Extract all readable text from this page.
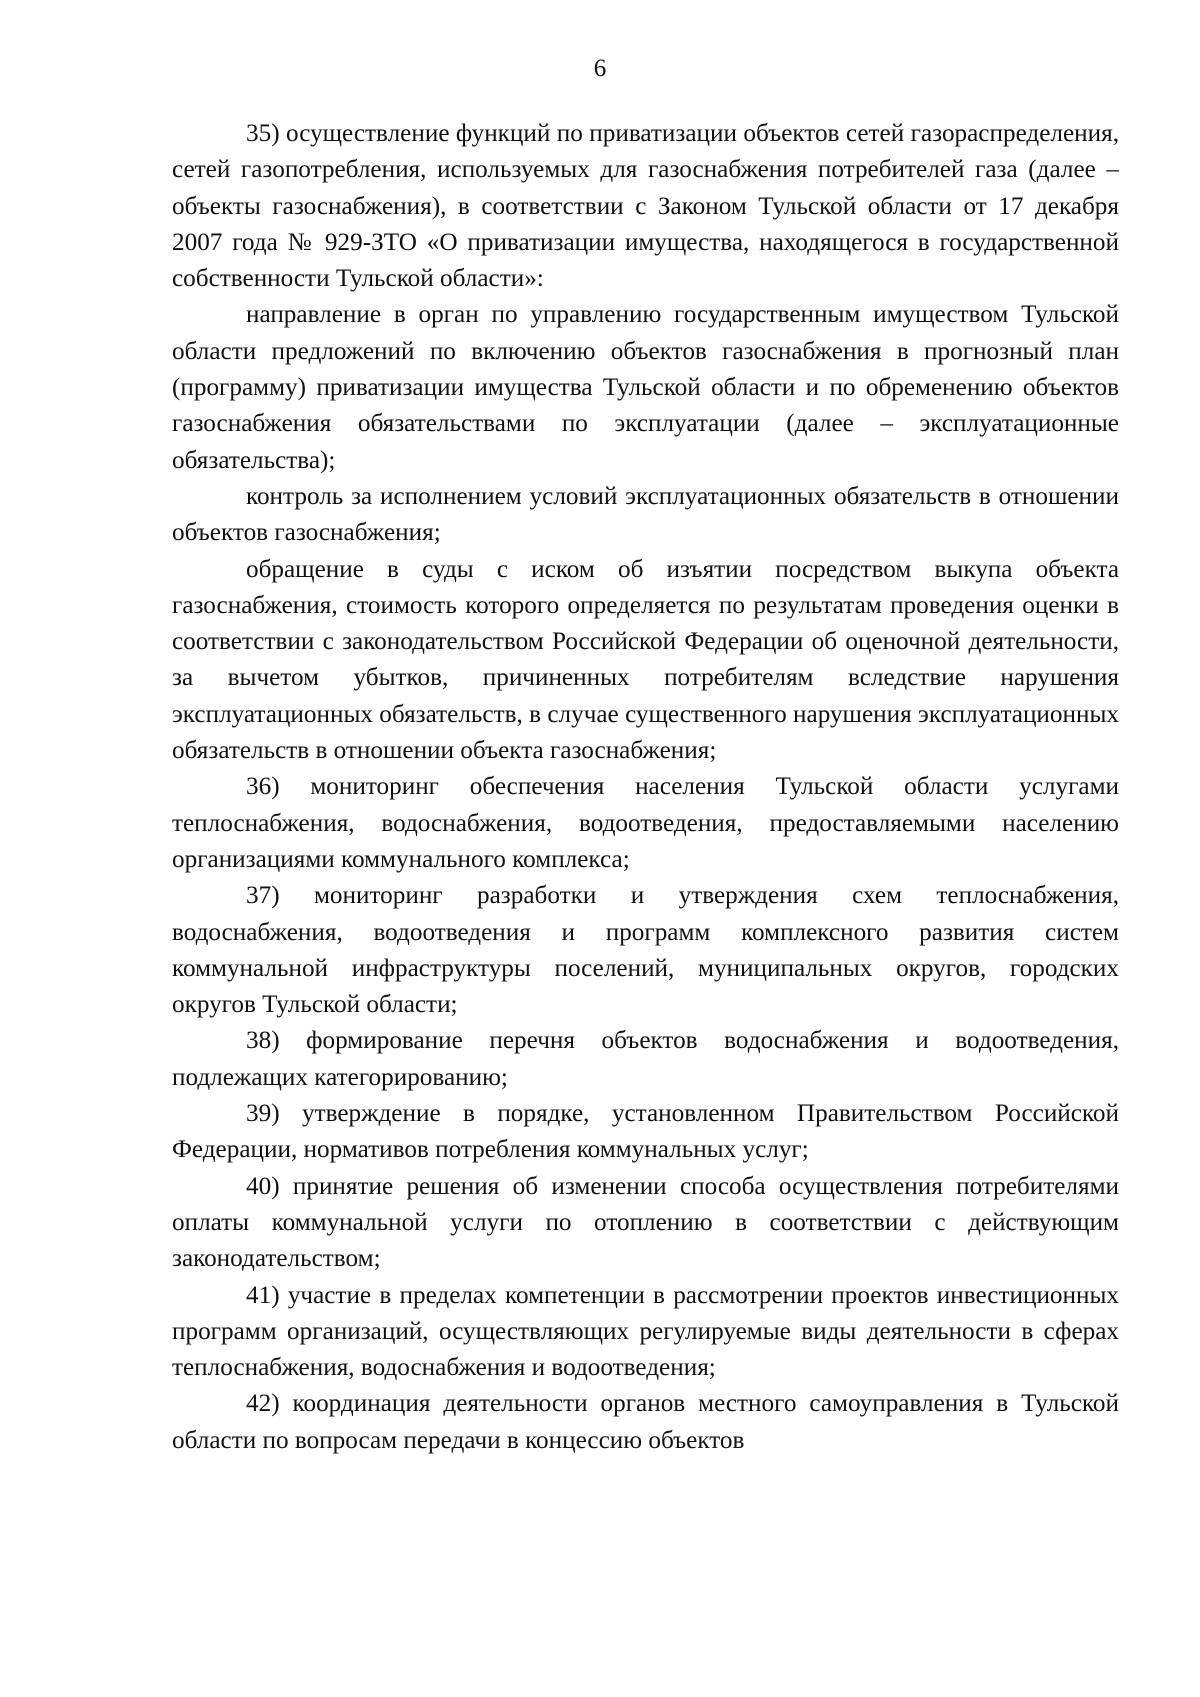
6

35) осуществление функций по приватизации объектов сетей газораспределения, сетей газопотребления, используемых для газоснабжения потребителей газа (далее – объекты газоснабжения), в соответствии с Законом Тульской области от 17 декабря 2007 года № 929-ЗТО «О приватизации имущества, находящегося в государственной собственности Тульской области»:

направление в орган по управлению государственным имуществом Тульской области предложений по включению объектов газоснабжения в прогнозный план (программу) приватизации имущества Тульской области и по обременению объектов газоснабжения обязательствами по эксплуатации (далее – эксплуатационные обязательства);

контроль за исполнением условий эксплуатационных обязательств в отношении объектов газоснабжения;

обращение в суды с иском об изъятии посредством выкупа объекта газоснабжения, стоимость которого определяется по результатам проведения оценки в соответствии с законодательством Российской Федерации об оценочной деятельности, за вычетом убытков, причиненных потребителям вследствие нарушения эксплуатационных обязательств, в случае существенного нарушения эксплуатационных обязательств в отношении объекта газоснабжения;

36) мониторинг обеспечения населения Тульской области услугами теплоснабжения, водоснабжения, водоотведения, предоставляемыми населению организациями коммунального комплекса;

37) мониторинг разработки и утверждения схем теплоснабжения, водоснабжения, водоотведения и программ комплексного развития систем коммунальной инфраструктуры поселений, муниципальных округов, городских округов Тульской области;

38) формирование перечня объектов водоснабжения и водоотведения, подлежащих категорированию;

39) утверждение в порядке, установленном Правительством Российской Федерации, нормативов потребления коммунальных услуг;

40) принятие решения об изменении способа осуществления потребителями оплаты коммунальной услуги по отоплению в соответствии с действующим законодательством;

41) участие в пределах компетенции в рассмотрении проектов инвестиционных программ организаций, осуществляющих регулируемые виды деятельности в сферах теплоснабжения, водоснабжения и водоотведения;

42) координация деятельности органов местного самоуправления в Тульской области по вопросам передачи в концессию объектов
